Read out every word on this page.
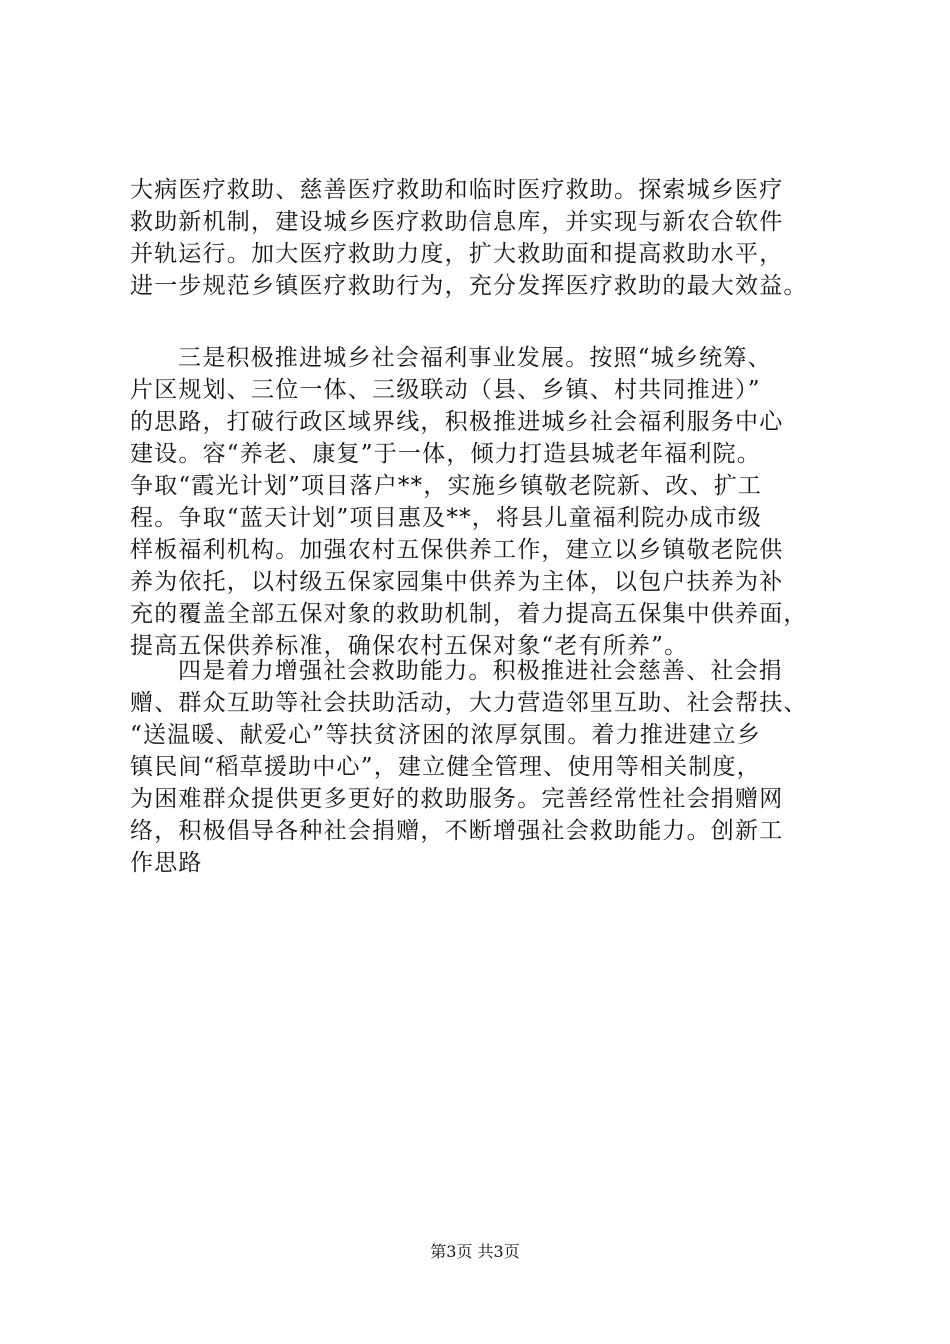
大病医疗救助、慈善医疗救助和临时医疗救助。探索城乡医疗
救助新机制，建设城乡医疗救助信息库，并实现与新农合软件
并轨运行。加大医疗救助力度，扩大救助面和提高救助水平，
进一步规范乡镇医疗救助行为，充分发挥医疗救助的最大效益。
三是积极推进城乡社会福利事业发展。按照“城乡统筹、
片区规划、三位一体、三级联动（县、乡镇、村共同推进）”
的思路，打破行政区域界线，积极推进城乡社会福利服务中心
建设。容“养老、康复”于一体，倾力打造县城老年福利院。
争取“霞光计划”项目落户**，实施乡镇敬老院新、改、扩工
程。争取“蓝天计划”项目惠及**，将县儿童福利院办成市级
样板福利机构。加强农村五保供养工作，建立以乡镇敬老院供
养为依托，以村级五保家园集中供养为主体，以包户扶养为补
充的覆盖全部五保对象的救助机制，着力提高五保集中供养面，
提高五保供养标准，确保农村五保对象“老有所养”。
四是着力增强社会救助能力。积极推进社会慈善、社会捐
赠、群众互助等社会扶助活动，大力营造邻里互助、社会帮扶、
“送温暖、献爱心”等扶贫济困的浓厚氛围。着力推进建立乡
镇民间“稻草援助中心”，建立健全管理、使用等相关制度，
为困难群众提供更多更好的救助服务。完善经常性社会捐赠网
络，积极倡导各种社会捐赠，不断增强社会救助能力。创新工
作思路
第3页 共3页
